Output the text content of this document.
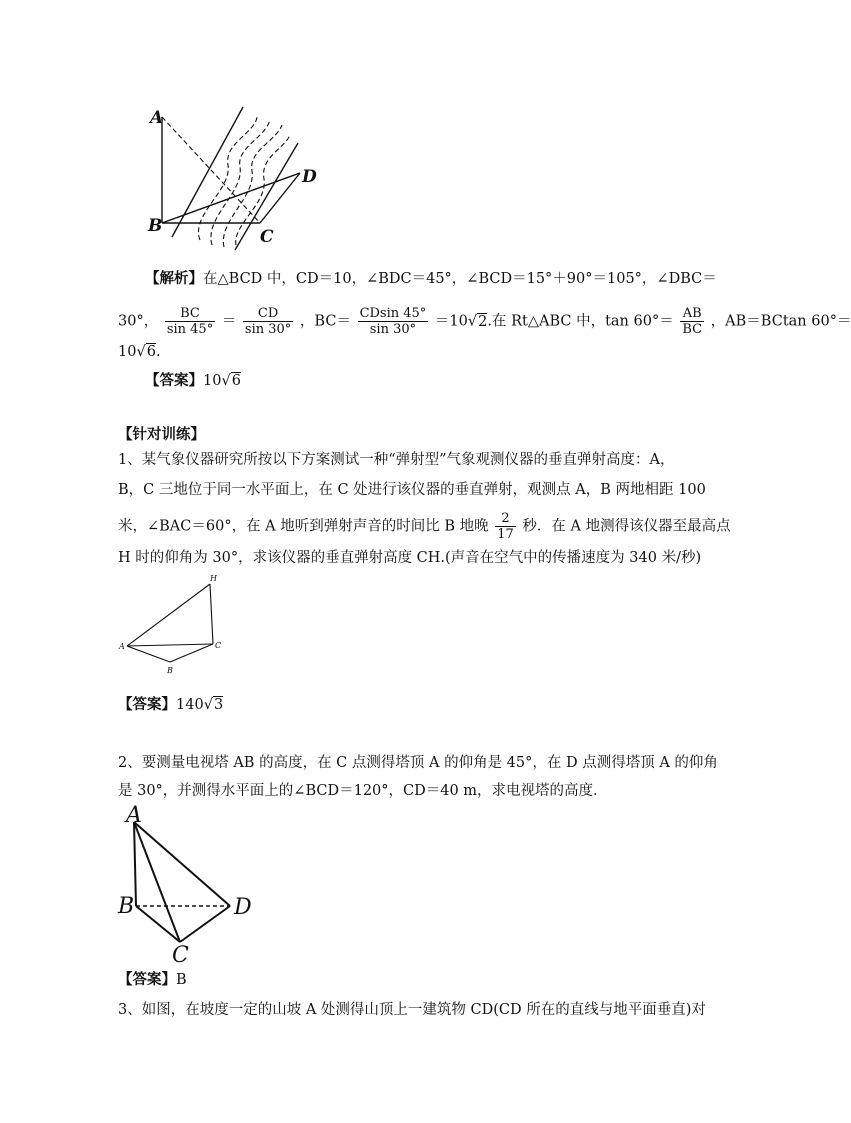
A
B
C
D
【解析】在△BCD 中，CD＝10，∠BDC＝45°，∠BCD＝15°＋90°＝105°，∠DBC＝
30°， $\frac{BC}{\sin 45^\circ} = \frac{CD}{\sin 30^\circ}$ ，$BC= \frac{CDsin 45^\circ}{\sin 30^\circ} =10√2$.在 Rt△ABC 中，$\tan 60^\circ= \frac{AB}{BC}$ ，AB＝BCtan 60°＝
10√6.
【答案】10√6
【针对训练】
1、某气象仪器研究所按以下方案测试一种“弹射型”气象观测仪器的垂直弹射高度：A，
B，C 三地位于同一水平面上，在 C 处进行该仪器的垂直弹射，观测点 A，B 两地相距 100
米，∠BAC＝60°，在 A 地听到弹射声音的时间比 B 地晚 $\frac{2}{17}$ 秒．在 A 地测得该仪器至最高点
H 时的仰角为 30°，求该仪器的垂直弹射高度 CH.(声音在空气中的传播速度为 340 米/秒)
H
A	C
B
【答案】140√3
2、要测量电视塔 AB 的高度，在 C 点测得塔顶 A 的仰角是 45°，在 D 点测得塔顶 A 的仰角
是 30°，并测得水平面上的∠BCD＝120°，CD＝40 m，求电视塔的高度．
A
B	D
C
【答案】B
3、如图，在坡度一定的山坡 A 处测得山顶上一建筑物 CD(CD 所在的直线与地平面垂直)对
